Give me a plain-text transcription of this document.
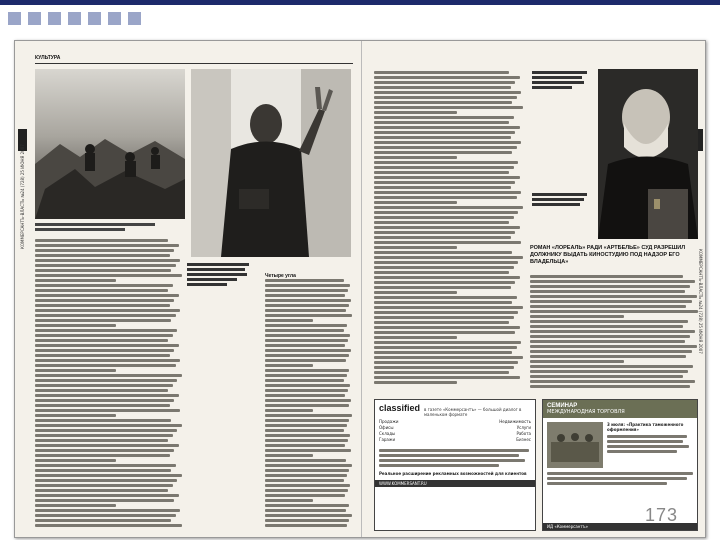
КОММЕРСАНТЪ-ВЛАСТЬ №24 (728) 25 ИЮНЯ 2007
КУЛЬТУРА
Четыре угла	КОММЕРСАНТЪ-ВЛАСТЬ №24 (728) 25 ИЮНЯ 2007
РОМАН «ЛОРЕАЛЬ» РАДИ «АРТБЕЛЬЕ» СУД РАЗРЕШИЛ ДОЛЖНИКУ ВЫДАТЬ КИНОСТУДИЮ ПОД НАДЗОР ЕГО ВЛАДЕЛЬЦА»
classified в газете «Коммерсантъ» — большой диалог в маленьком формате
Продажи	Недвижимость
Офисы	Услуги
Склады	Работа
Гаражи	Бизнес
Реальное расширение рекламных возможностей для клиентов
WWW.KOMMERSANT.RU
СЕМИНАР
МЕЖДУНАРОДНАЯ ТОРГОВЛЯ
3 июля: «Практика таможенного оформления»
ИД «Коммерсантъ»
173
